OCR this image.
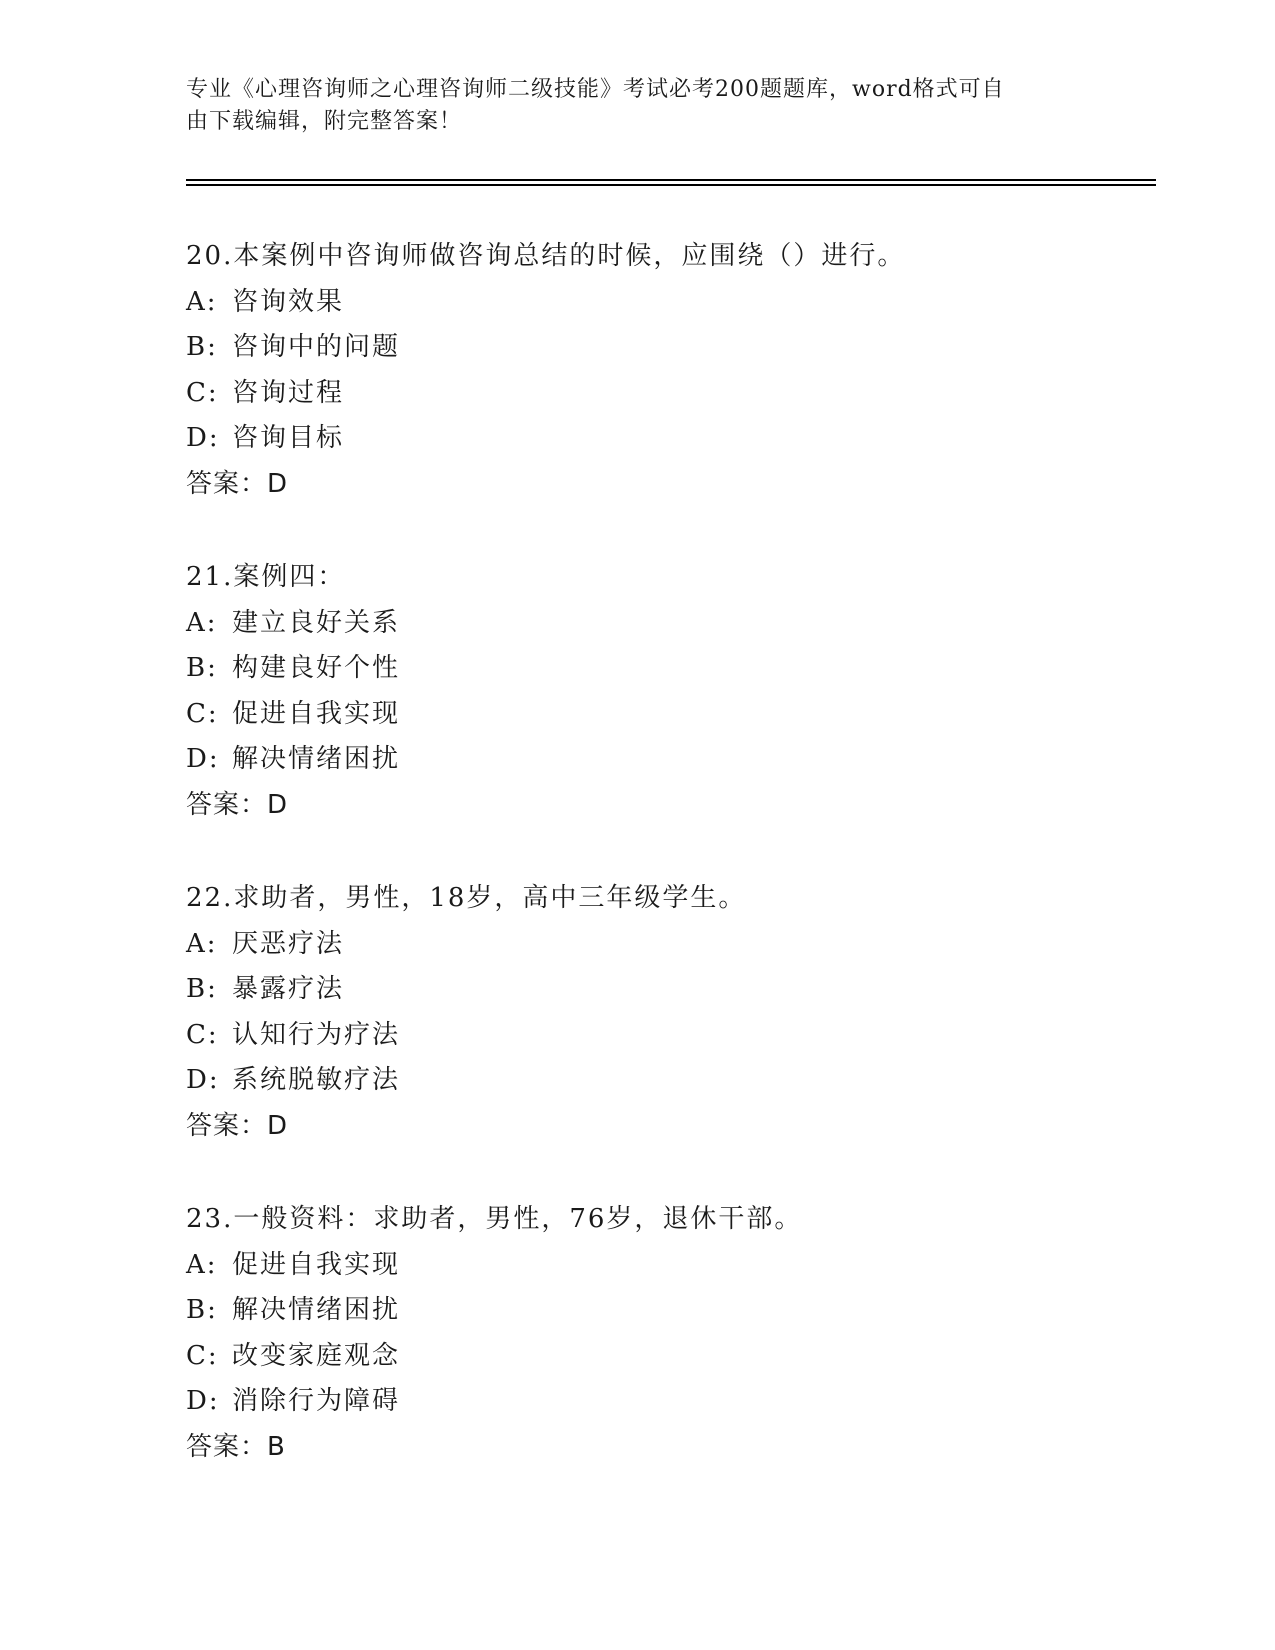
专业《心理咨询师之心理咨询师二级技能》考试必考200题题库，word格式可自
由下载编辑，附完整答案！
20.本案例中咨询师做咨询总结的时候，应围绕（）进行。
A: 咨询效果
B: 咨询中的问题
C: 咨询过程
D: 咨询目标
答案：D
21.案例四：
A: 建立良好关系
B: 构建良好个性
C: 促进自我实现
D: 解决情绪困扰
答案：D
22.求助者，男性，18岁，高中三年级学生。
A: 厌恶疗法
B: 暴露疗法
C: 认知行为疗法
D: 系统脱敏疗法
答案：D
23.一般资料：求助者，男性，76岁，退休干部。
A: 促进自我实现
B: 解决情绪困扰
C: 改变家庭观念
D: 消除行为障碍
答案：B
